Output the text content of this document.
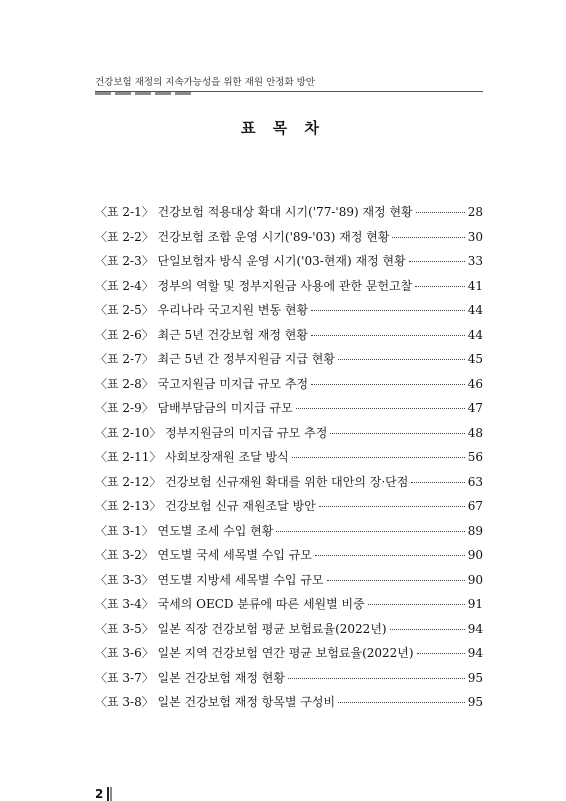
건강보험 재정의 지속가능성을 위한 재원 안정화 방안
표 목 차
〈표 2-1〉 건강보험 적용대상 확대 시기('77-'89) 재정 현황	28
〈표 2-2〉 건강보험 조합 운영 시기('89-'03) 재정 현황	30
〈표 2-3〉 단일보험자 방식 운영 시기('03-현재) 재정 현황	33
〈표 2-4〉 정부의 역할 및 정부지원금 사용에 관한 문헌고찰	41
〈표 2-5〉 우리나라 국고지원 변동 현황	44
〈표 2-6〉 최근 5년 건강보험 재정 현황	44
〈표 2-7〉 최근 5년 간 정부지원금 지급 현황	45
〈표 2-8〉 국고지원금 미지급 규모 추정	46
〈표 2-9〉 담배부담금의 미지급 규모	47
〈표 2-10〉 정부지원금의 미지급 규모 추정	48
〈표 2-11〉 사회보장재원 조달 방식	56
〈표 2-12〉 건강보험 신규재원 확대를 위한 대안의 장·단점	63
〈표 2-13〉 건강보험 신규 재원조달 방안	67
〈표 3-1〉 연도별 조세 수입 현황	89
〈표 3-2〉 연도별 국세 세목별 수입 규모	90
〈표 3-3〉 연도별 지방세 세목별 수입 규모	90
〈표 3-4〉 국세의 OECD 분류에 따른 세원별 비중	91
〈표 3-5〉 일본 직장 건강보험 평균 보험료율(2022년)	94
〈표 3-6〉 일본 지역 건강보험 연간 평균 보험료율(2022년)	94
〈표 3-7〉 일본 건강보험 재정 현황	95
〈표 3-8〉 일본 건강보험 재정 항목별 구성비	95
2
